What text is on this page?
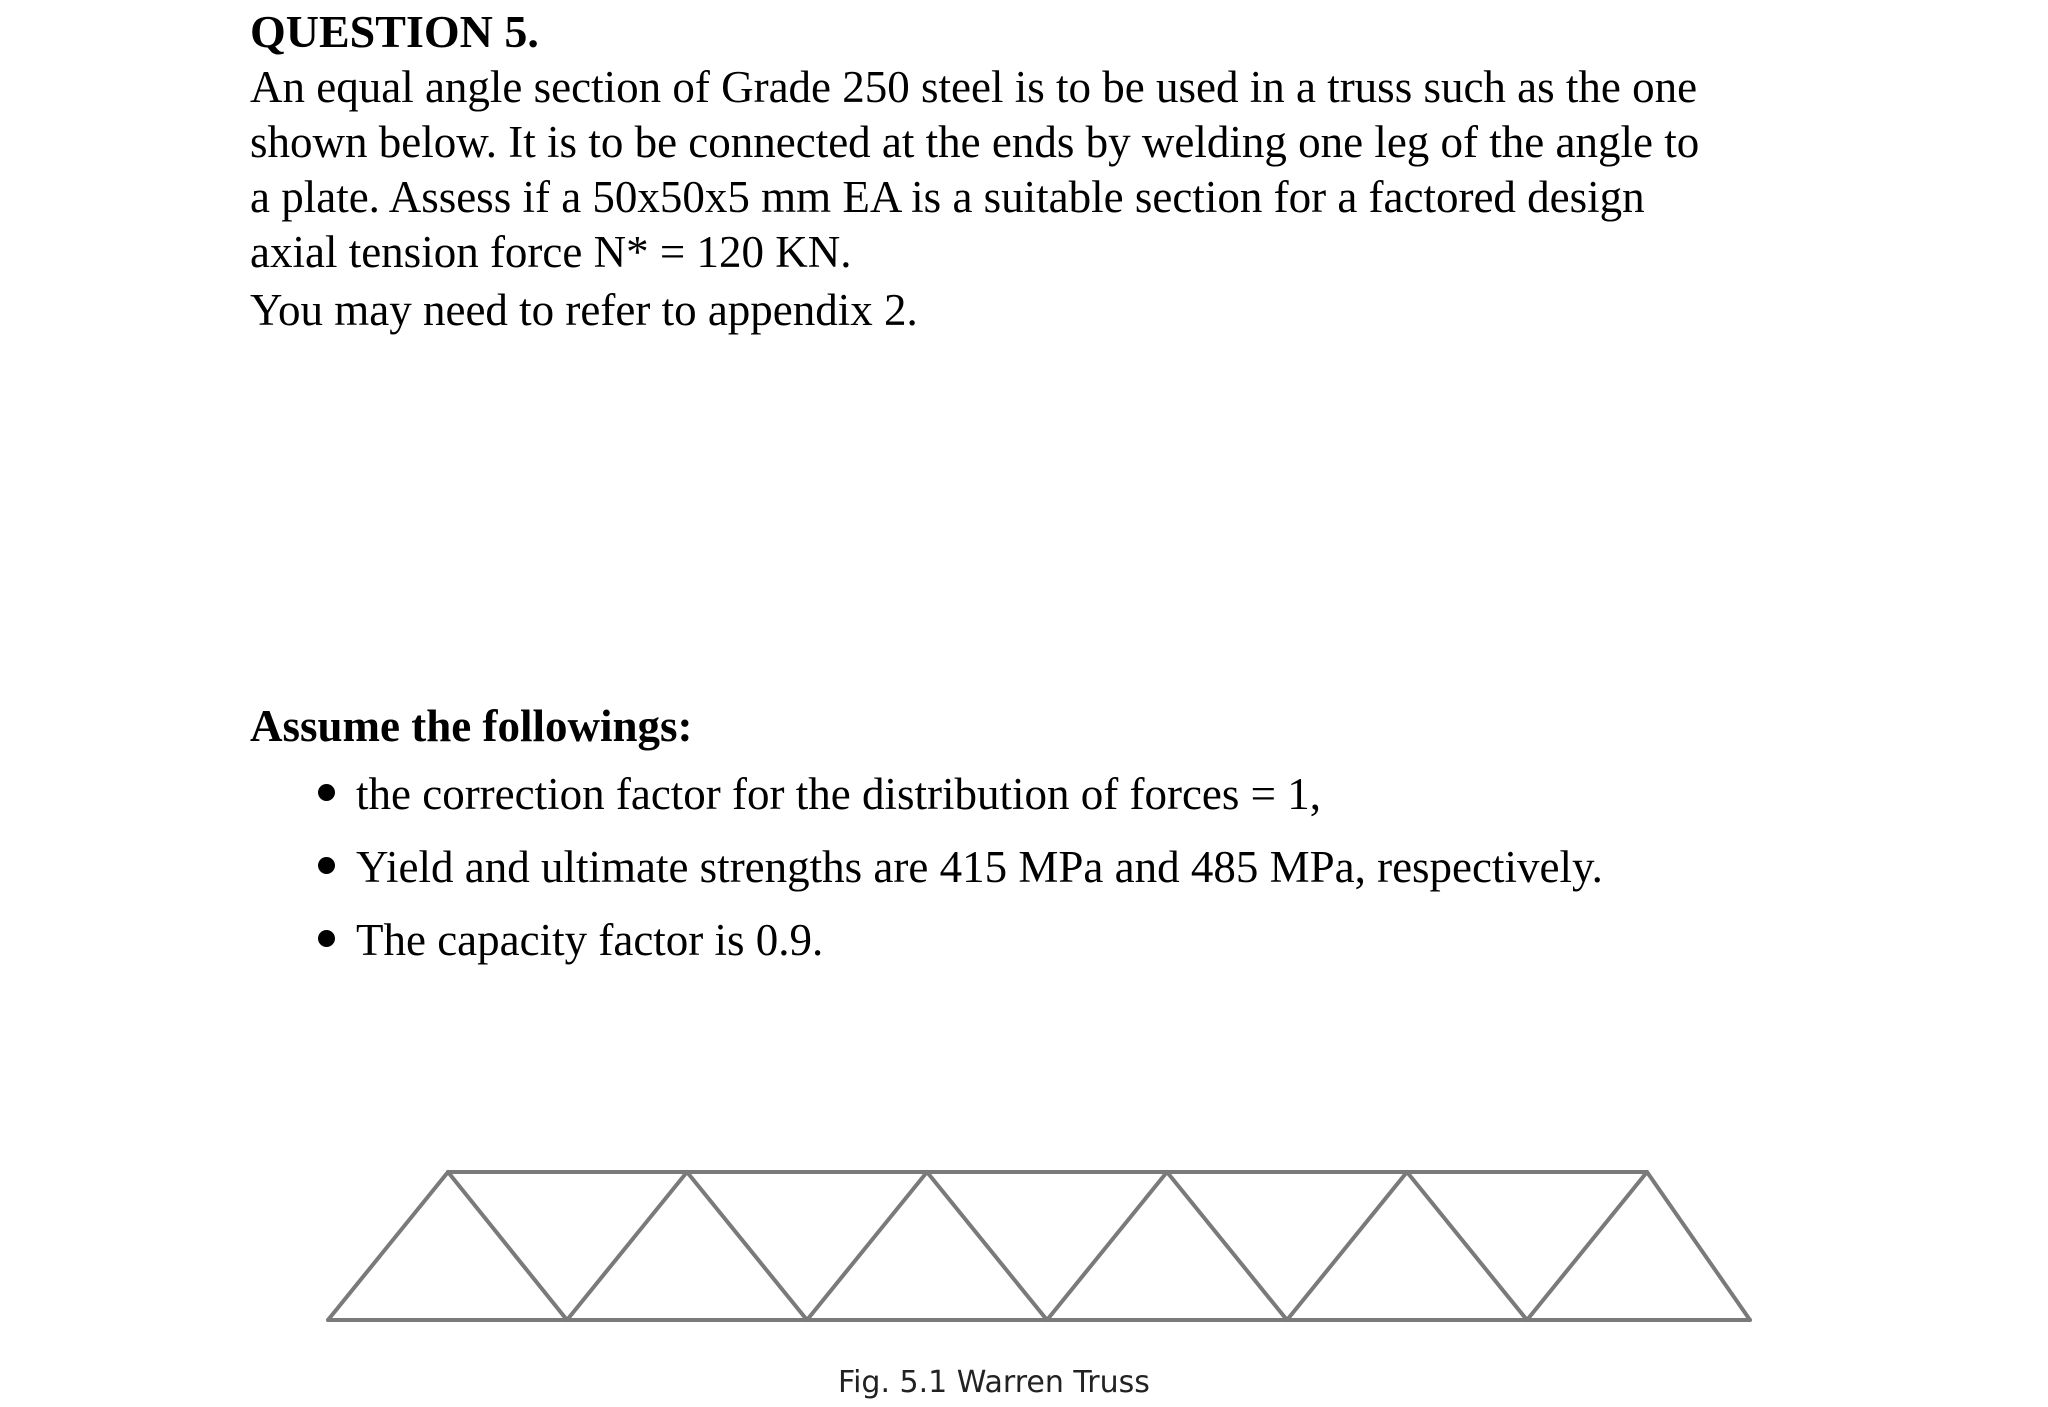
QUESTION 5.
An equal angle section of Grade 250 steel is to be used in a truss such as the one
shown below. It is to be connected at the ends by welding one leg of the angle to
a plate. Assess if a 50x50x5 mm EA is a suitable section for a factored design
axial tension force N* = 120 KN.
You may need to refer to appendix 2.
Assume the followings:
the correction factor for the distribution of forces = 1,
Yield and ultimate strengths are 415 MPa and 485 MPa, respectively.
The capacity factor is 0.9.
Fig. 5.1 Warren Truss
